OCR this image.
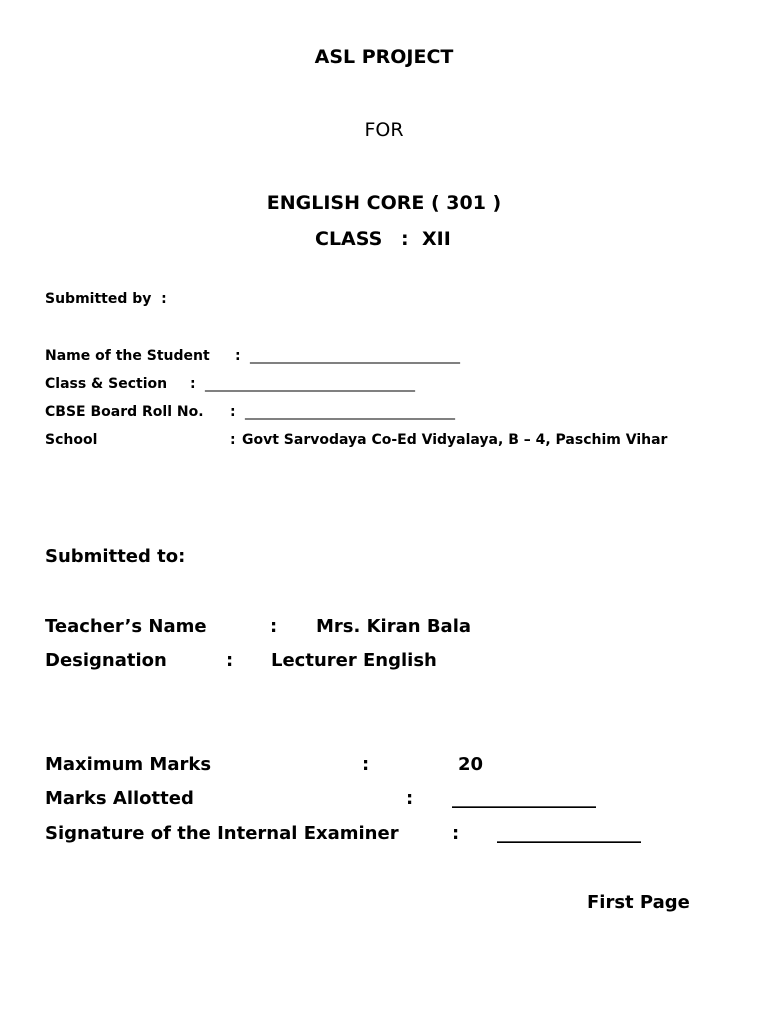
ASL PROJECT
FOR
ENGLISH CORE ( 301 )
CLASS : XII
Submitted by  :
Name of the Student : ______________________________
Class & Section : ______________________________
CBSE Board Roll No. : ______________________________
School	: Govt Sarvodaya Co-Ed Vidyalaya, B – 4, Paschim Vihar
Submitted to:
Teacher’s Name	: Mrs. Kiran Bala
Designation	: Lecturer English
Maximum Marks	:	20
Marks Allotted	: ________________
Signature of the Internal Examiner	: ________________
First Page
